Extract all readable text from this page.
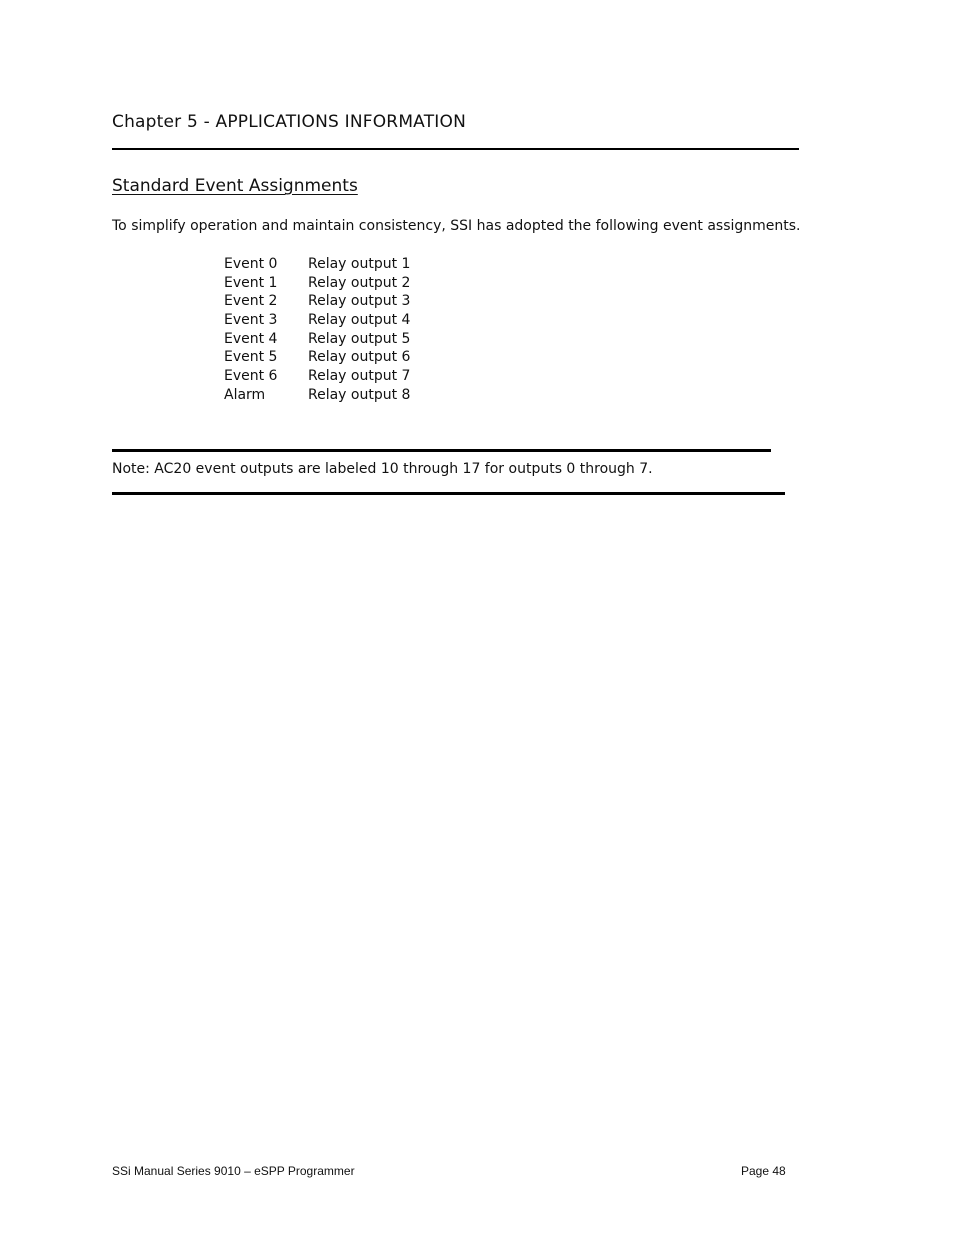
Chapter 5 - APPLICATIONS INFORMATION
Standard Event Assignments
To simplify operation and maintain consistency, SSI has adopted the following event assignments.
Event 0	Relay output 1
Event 1	Relay output 2
Event 2	Relay output 3
Event 3	Relay output 4
Event 4	Relay output 5
Event 5	Relay output 6
Event 6	Relay output 7
Alarm	Relay output 8
Note: AC20 event outputs are labeled 10 through 17 for outputs 0 through 7.
SSi Manual Series 9010 – eSPP Programmer	Page 48
